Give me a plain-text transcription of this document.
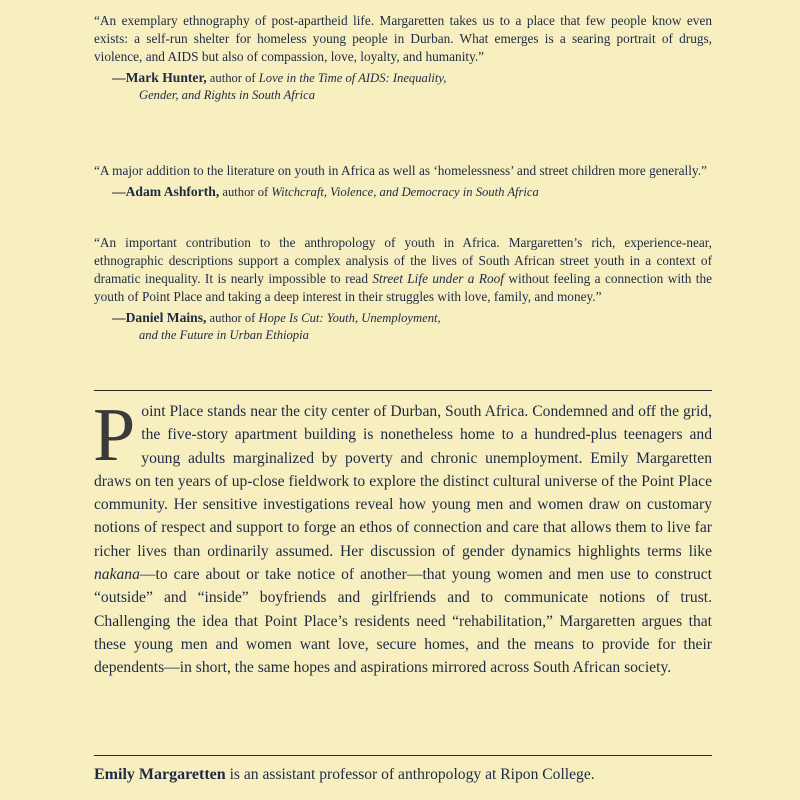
“An exemplary ethnography of post-apartheid life. Margaretten takes us to a place that few people know even exists: a self-run shelter for homeless young people in Durban. What emerges is a searing portrait of drugs, violence, and AIDS but also of compassion, love, loyalty, and humanity.”

—Mark Hunter, author of Love in the Time of AIDS: Inequality,
Gender, and Rights in South Africa

“A major addition to the literature on youth in Africa as well as ‘homelessness’ and street children more generally.”

—Adam Ashforth, author of Witchcraft, Violence, and Democracy in South Africa

“An important contribution to the anthropology of youth in Africa. Margaretten’s rich, experience-near, ethnographic descriptions support a complex analysis of the lives of South African street youth in a context of dramatic inequality. It is nearly impossible to read Street Life under a Roof without feeling a connection with the youth of Point Place and taking a deep interest in their struggles with love, family, and money.”

—Daniel Mains, author of Hope Is Cut: Youth, Unemployment,
and the Future in Urban Ethiopia

Point Place stands near the city center of Durban, South Africa. Condemned and off the grid, the five-story apartment building is nonetheless home to a hundred-plus teenagers and young adults marginalized by poverty and chronic unemployment. Emily Margaretten draws on ten years of up-close fieldwork to explore the distinct cultural universe of the Point Place community. Her sensitive investigations reveal how young men and women draw on customary notions of respect and support to forge an ethos of connection and care that allows them to live far richer lives than ordinarily assumed. Her discussion of gender dynamics highlights terms like nakana—to care about or take notice of another—that young women and men use to construct “outside” and “inside” boyfriends and girlfriends and to communicate notions of trust. Challenging the idea that Point Place’s residents need “rehabilitation,” Margaretten argues that these young men and women want love, secure homes, and the means to provide for their dependents—in short, the same hopes and aspirations mirrored across South African society.

Emily Margaretten is an assistant professor of anthropology at Ripon College.
